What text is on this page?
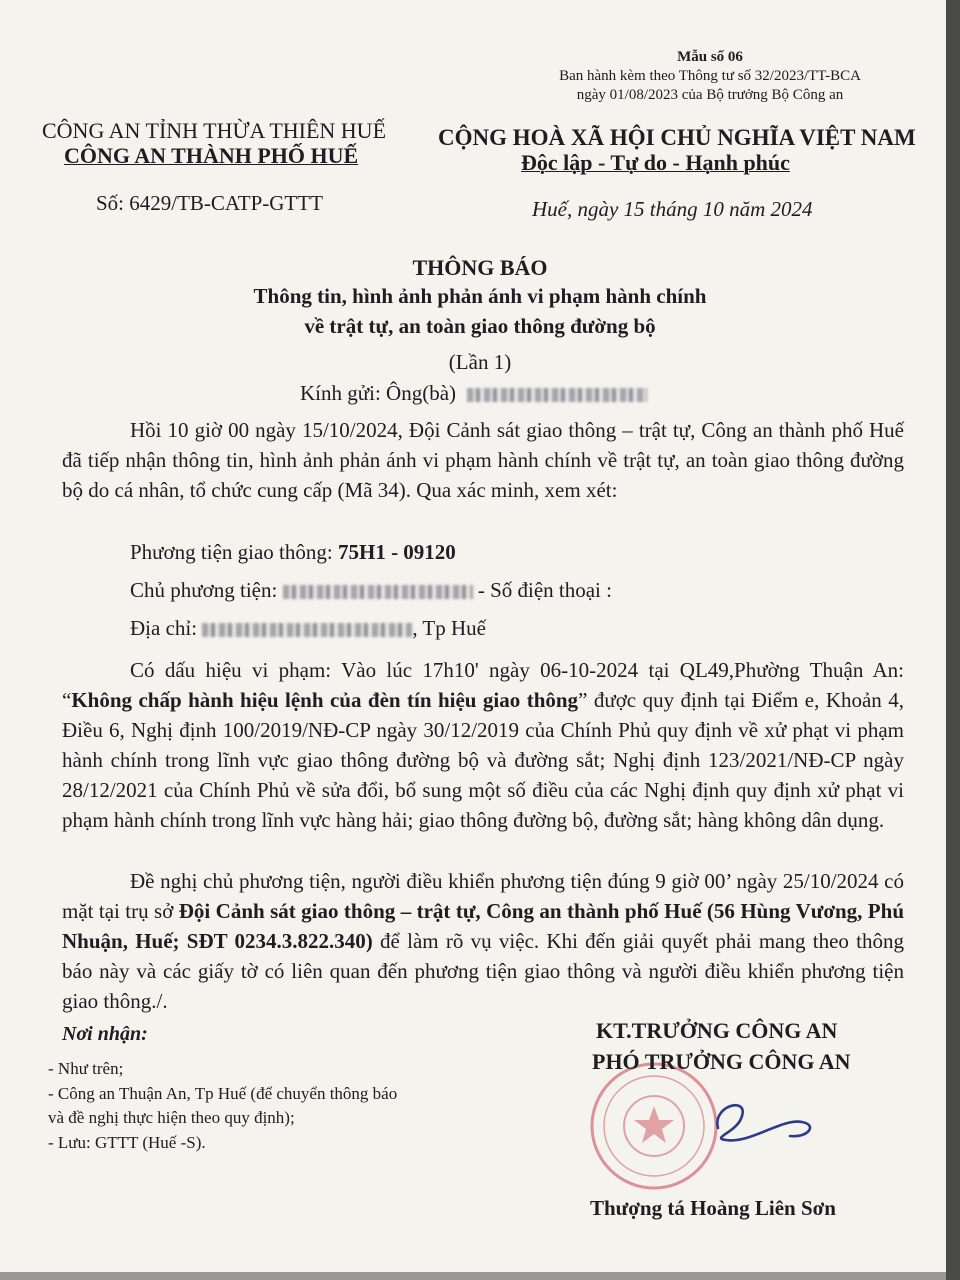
Mẫu số 06
Ban hành kèm theo Thông tư số 32/2023/TT-BCA
ngày 01/08/2023 của Bộ trưởng Bộ Công an
CÔNG AN TỈNH THỪA THIÊN HUẾ
CÔNG AN THÀNH PHỐ HUẾ
Số: 6429/TB-CATP-GTTT
CỘNG HOÀ XÃ HỘI CHỦ NGHĨA VIỆT NAM
Độc lập - Tự do - Hạnh phúc
Huế, ngày 15 tháng 10 năm 2024
THÔNG BÁO
Thông tin, hình ảnh phản ánh vi phạm hành chính
về trật tự, an toàn giao thông đường bộ
(Lần 1)
Kính gửi: Ông(bà)
Hồi 10 giờ 00 ngày 15/10/2024, Đội Cảnh sát giao thông – trật tự, Công an thành phố Huế đã tiếp nhận thông tin, hình ảnh phản ánh vi phạm hành chính về trật tự, an toàn giao thông đường bộ do cá nhân, tổ chức cung cấp (Mã 34). Qua xác minh, xem xét:
Phương tiện giao thông: 75H1 - 09120
Chủ phương tiện:	- Số điện thoại :
Địa chỉ:	, Tp Huế
Có dấu hiệu vi phạm: Vào lúc 17h10' ngày 06-10-2024 tại QL49,Phường Thuận An: “Không chấp hành hiệu lệnh của đèn tín hiệu giao thông” được quy định tại Điểm e, Khoản 4, Điều 6, Nghị định 100/2019/NĐ-CP ngày 30/12/2019 của Chính Phủ quy định về xử phạt vi phạm hành chính trong lĩnh vực giao thông đường bộ và đường sắt; Nghị định 123/2021/NĐ-CP ngày 28/12/2021 của Chính Phủ về sửa đổi, bổ sung một số điều của các Nghị định quy định xử phạt vi phạm hành chính trong lĩnh vực hàng hải; giao thông đường bộ, đường sắt; hàng không dân dụng.
Đề nghị chủ phương tiện, người điều khiển phương tiện đúng 9 giờ 00’ ngày 25/10/2024 có mặt tại trụ sở Đội Cảnh sát giao thông – trật tự, Công an thành phố Huế (56 Hùng Vương, Phú Nhuận, Huế; SĐT 0234.3.822.340) để làm rõ vụ việc. Khi đến giải quyết phải mang theo thông báo này và các giấy tờ có liên quan đến phương tiện giao thông và người điều khiển phương tiện giao thông./.
Nơi nhận:
- Như trên;
- Công an Thuận An, Tp Huế (để chuyển thông báo
và đề nghị thực hiện theo quy định);
- Lưu: GTTT (Huế -S).
KT.TRƯỞNG CÔNG AN
PHÓ TRƯỞNG CÔNG AN
Thượng tá Hoàng Liên Sơn
